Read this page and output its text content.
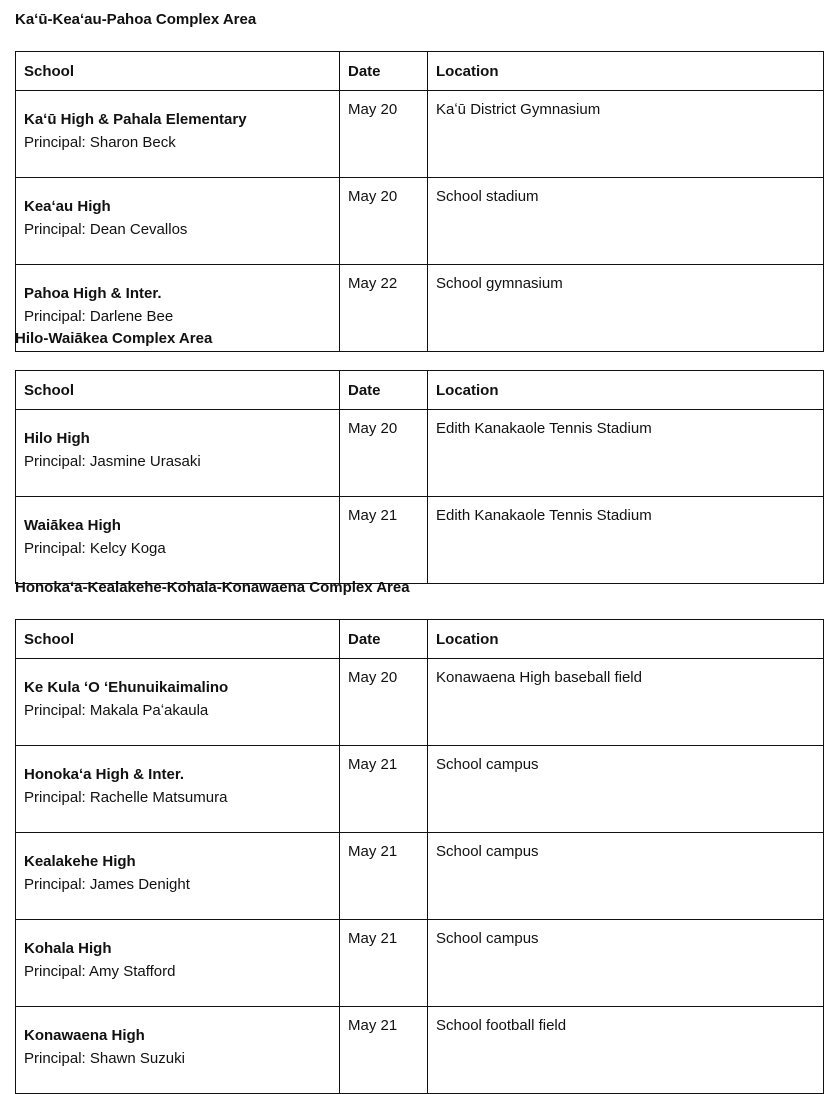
Kaʻū-Keaʻau-Pahoa Complex Area
School	Date	Location

Kaʻū High & Pahala Elementary
Principal: Sharon Beck	May 20	Kaʻū District Gymnasium

Keaʻau High
Principal: Dean Cevallos	May 20	School stadium

Pahoa High & Inter.
Principal: Darlene Bee	May 22	School gymnasium
Hilo-Waiākea Complex Area
School	Date	Location

Hilo High
Principal: Jasmine Urasaki	May 20	Edith Kanakaole Tennis Stadium

Waiākea High
Principal: Kelcy Koga	May 21	Edith Kanakaole Tennis Stadium
Honokaʻa-Kealakehe-Kohala-Konawaena Complex Area
School	Date	Location

Ke Kula ʻO ʻEhunuikaimalino
Principal: Makala Paʻakaula	May 20	Konawaena High baseball field

Honokaʻa High & Inter.
Principal: Rachelle Matsumura	May 21	School campus

Kealakehe High
Principal: James Denight	May 21	School campus

Kohala High
Principal: Amy Stafford	May 21	School campus

Konawaena High
Principal: Shawn Suzuki	May 21	School football field
